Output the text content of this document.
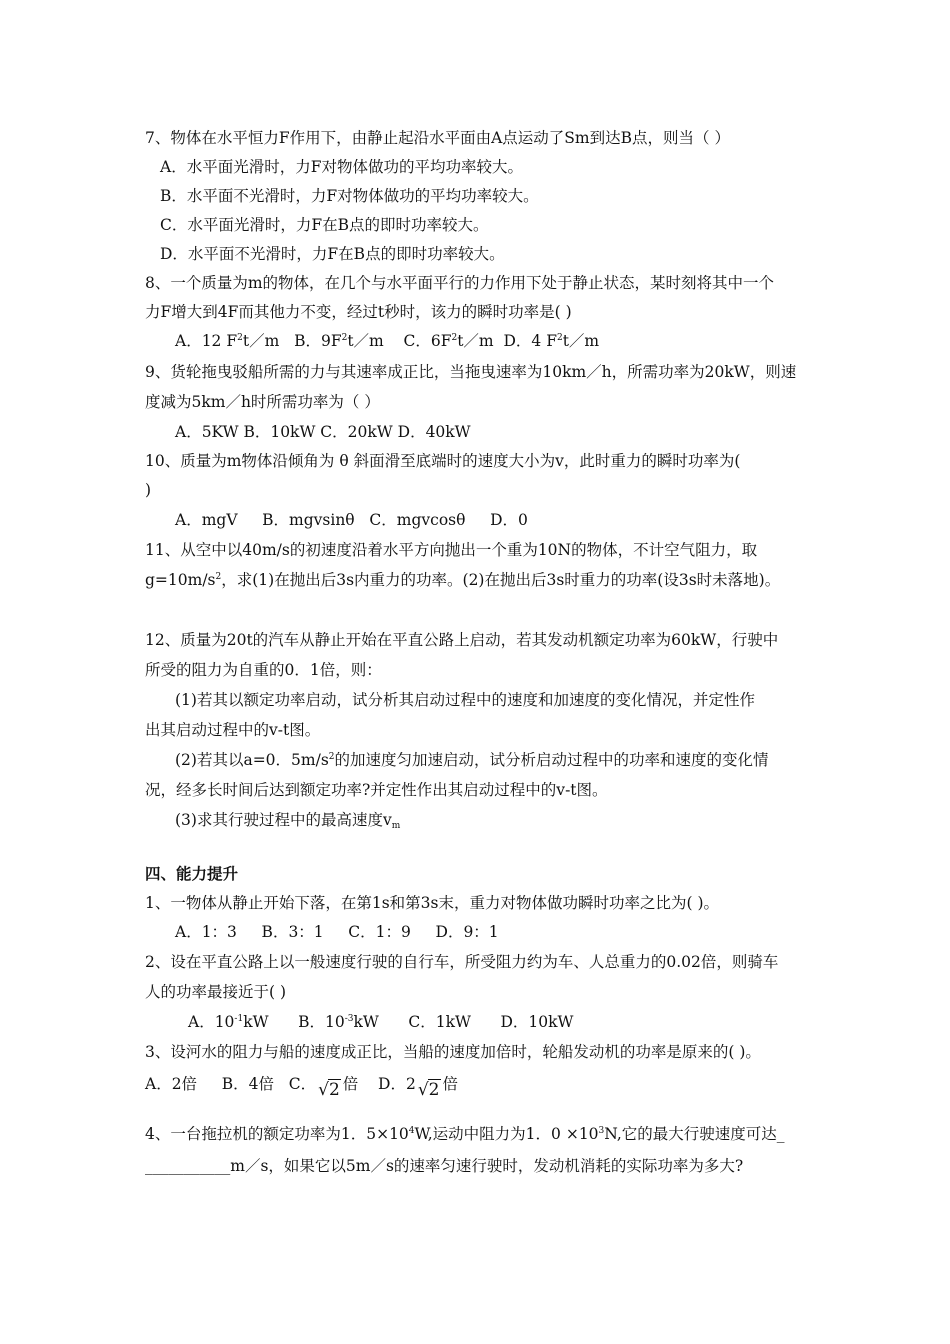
7、物体在水平恒力F作用下，由静止起沿水平面由A点运动了Sm到达B点，则当（ ）
A．水平面光滑时，力F对物体做功的平均功率较大。
B．水平面不光滑时，力F对物体做功的平均功率较大。
C．水平面光滑时，力F在B点的即时功率较大。
D．水平面不光滑时，力F在B点的即时功率较大。
8、一个质量为m的物体，在几个与水平面平行的力作用下处于静止状态，某时刻将其中一个
力F增大到4F而其他力不变，经过t秒时，该力的瞬时功率是( )
A．12 $F^2t/m$ B．$9F^2t/m$ C．$6F^2t/m$ D．4 $F^2t/m$
9、货轮拖曳驳船所需的力与其速率成正比，当拖曳速率为10km／h，所需功率为20kW，则速
度减为5km／h时所需功率为（ ）
A．5KW B．10kW C．20kW D．40kW
10、质量为m物体沿倾角为 θ 斜面滑至底端时的速度大小为v，此时重力的瞬时功率为(
)
A．mgV     B．mgvsinθ   C．mgvcosθ     D．0
11、从空中以40m/s的初速度沿着水平方向抛出一个重为10N的物体，不计空气阻力，取
$g=10m/s^2$，求(1)在抛出后3s内重力的功率。(2)在抛出后3s时重力的功率(设3s时未落地)。
12、质量为20t的汽车从静止开始在平直公路上启动，若其发动机额定功率为60kW，行驶中
所受的阻力为自重的0．1倍，则：
(1)若其以额定功率启动，试分析其启动过程中的速度和加速度的变化情况，并定性作
出其启动过程中的v-t图。
(2)若其以a=0．$5m/s^2$的加速度匀加速启动，试分析启动过程中的功率和速度的变化情
况，经多长时间后达到额定功率?并定性作出其启动过程中的v-t图。
(3)求其行驶过程中的最高速度$v_m$
四、能力提升
1、一物体从静止开始下落，在第1s和第3s末，重力对物体做功瞬时功率之比为( )。
A．1：3     B．3：1     C．1：9     D．9：1
2、设在平直公路上以一般速度行驶的自行车，所受阻力约为车、人总重力的0.02倍，则骑车
人的功率最接近于( )
A．$10^{-1}kW$ B．$10^{-3}kW$ C．1kW D．10kW
3、设河水的阻力与船的速度成正比，当船的速度加倍时，轮船发动机的功率是原来的( )。
A．2倍 B．4倍 C． √2 倍 D．2 √2 倍
4、一台拖拉机的额定功率为1．$5\times 10^4W$,运动中阻力为1．$0 \times 10^3N$,它的最大行驶速度可达_
___________m／s，如果它以5m／s的速率匀速行驶时，发动机消耗的实际功率为多大?
